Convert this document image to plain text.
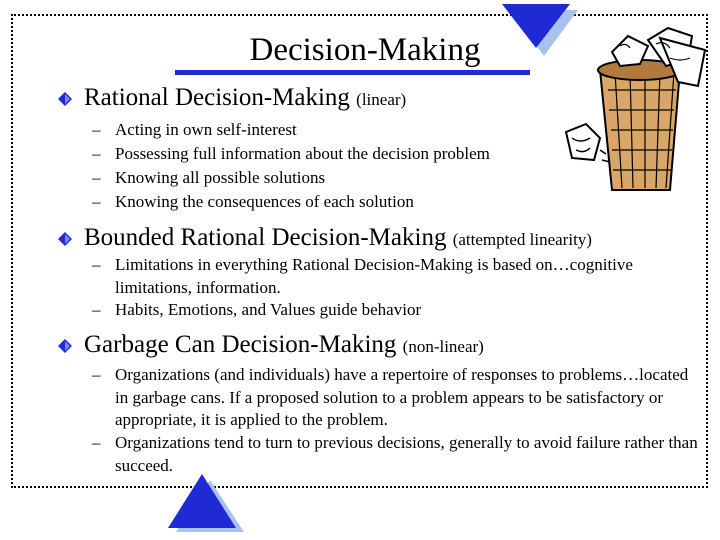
Decision-Making
Rational Decision-Making (linear)
– Acting in own self-interest
– Possessing full information about the decision problem
– Knowing all possible solutions
– Knowing the consequences of each solution
Bounded Rational Decision-Making (attempted linearity)
– Limitations in everything Rational Decision-Making is based on…cognitive limitations, information.
– Habits, Emotions, and Values guide behavior
Garbage Can Decision-Making (non-linear)
– Organizations (and individuals) have a repertoire of responses to problems…located in garbage cans. If a proposed solution to a problem appears to be satisfactory or appropriate, it is applied to the problem.
– Organizations tend to turn to previous decisions, generally to avoid failure rather than succeed.
